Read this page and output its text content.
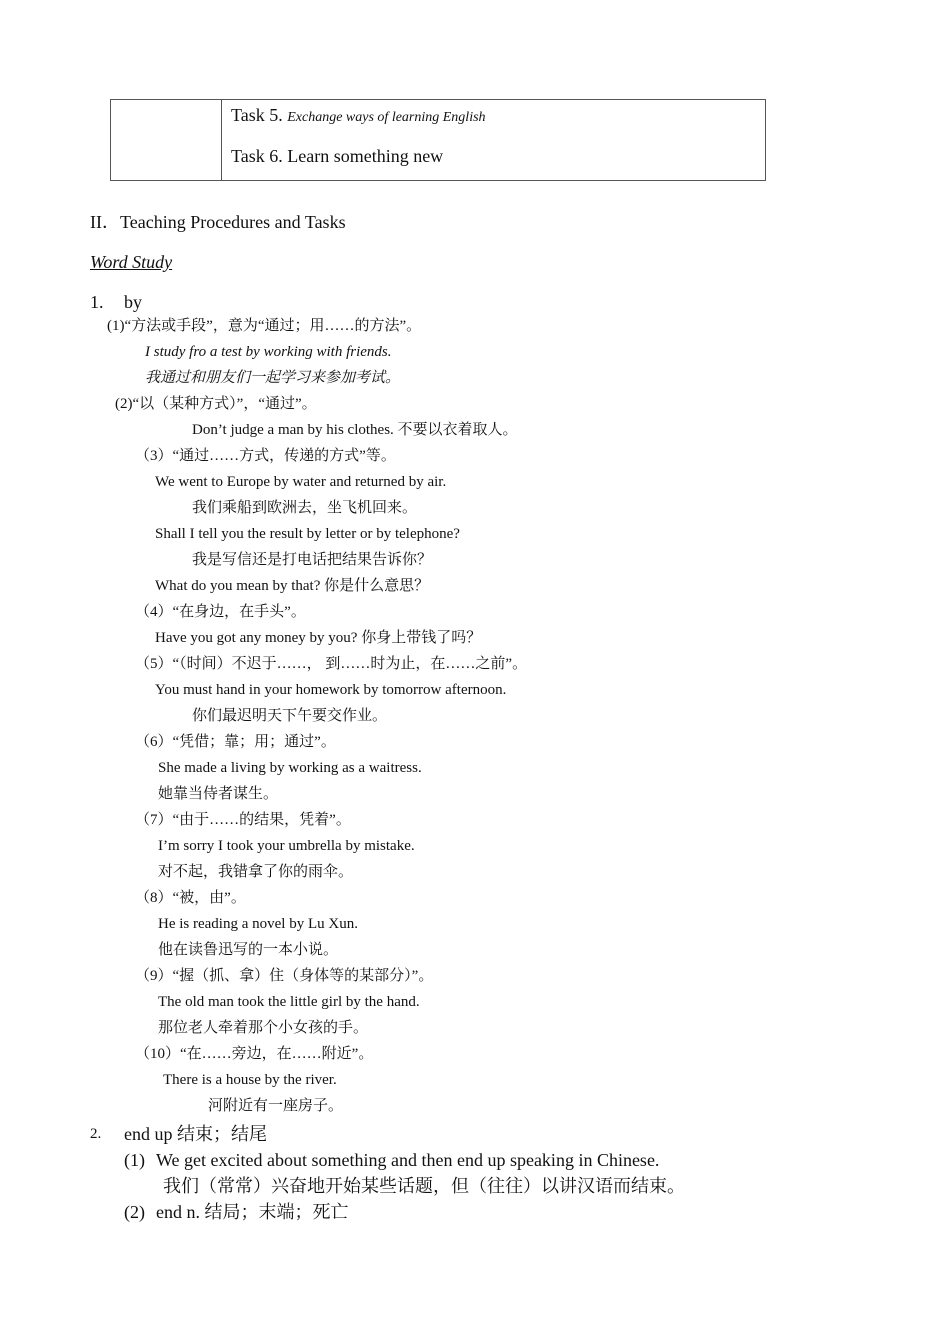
Task 5. Exchange ways of learning English
Task 6. Learn something new
II．Teaching Procedures and Tasks
Word Study
1. by
(1)“方法或手段”，意为“通过；用……的方法”。
I study fro a test by working with friends.
我通过和朋友们一起学习来参加考试。
(2)“以（某种方式）”，“通过”。
Don’t judge a man by his clothes. 不要以衣着取人。
（3）“通过……方式，传递的方式”等。
We went to Europe by water and returned by air.
我们乘船到欧洲去，坐飞机回来。
Shall I tell you the result by letter or by telephone?
我是写信还是打电话把结果告诉你？
What do you mean by that? 你是什么意思？
（4）“在身边，在手头”。
Have you got any money by you? 你身上带钱了吗？
（5）“（时间）不迟于……， 到……时为止，在……之前”。
You must hand in your homework by tomorrow afternoon.
你们最迟明天下午要交作业。
（6）“凭借；靠；用；通过”。
She made a living by working as a waitress.
她靠当侍者谋生。
（7）“由于……的结果，凭着”。
I’m sorry I took your umbrella by mistake.
对不起，我错拿了你的雨伞。
（8）“被，由”。
He is reading a novel by Lu Xun.
他在读鲁迅写的一本小说。
（9）“握（抓、拿）住（身体等的某部分）”。
The old man took the little girl by the hand.
那位老人牵着那个小女孩的手。
（10）“在……旁边，在……附近”。
There is a house by the river.
河附近有一座房子。
2. end up 结束；结尾
(1) We get excited about something and then end up speaking in Chinese.
我们（常常）兴奋地开始某些话题，但（往往）以讲汉语而结束。
(2) end n. 结局；末端；死亡
